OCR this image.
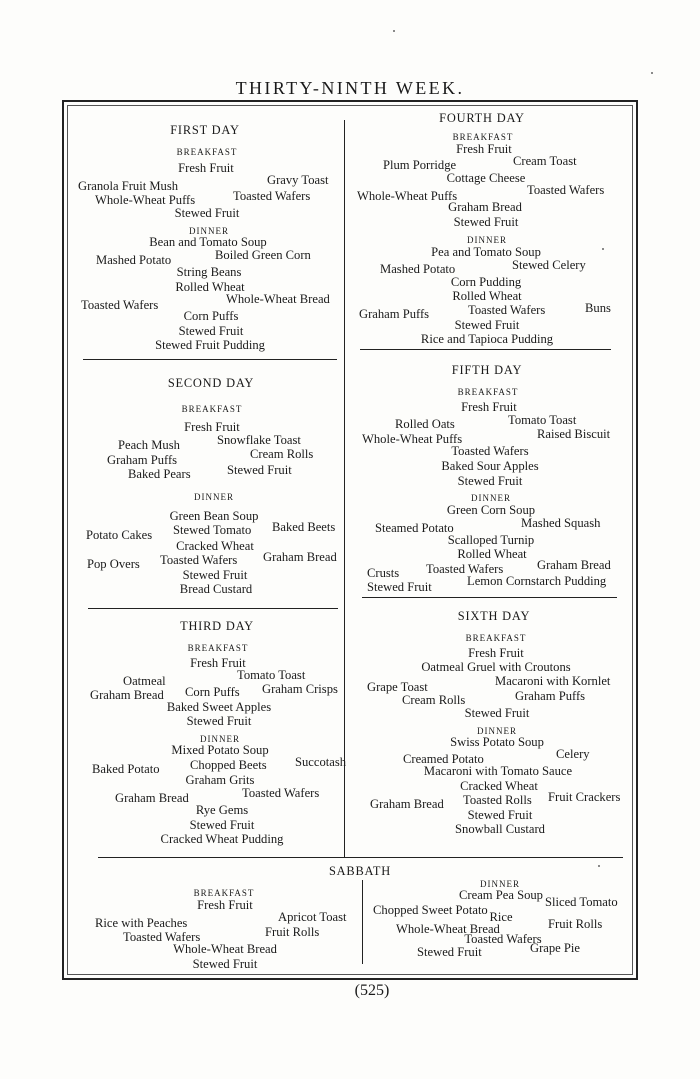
THIRTY-NINTH WEEK.
FIRST DAY
BREAKFAST
Fresh Fruit
Gravy Toast
Granola Fruit Mush
Whole-Wheat Puffs	Toasted Wafers
Stewed Fruit
DINNER
Bean and Tomato Soup
Mashed Potato	Boiled Green Corn
String Beans
Rolled Wheat
Toasted Wafers	Whole-Wheat Bread
Corn Puffs
Stewed Fruit
Stewed Fruit Pudding
SECOND DAY
BREAKFAST
Fresh Fruit
Peach Mush	Snowflake Toast
Graham Puffs	Cream Rolls
Baked Pears	Stewed Fruit
DINNER
Green Bean Soup
Potato Cakes Stewed Tomato Baked Beets
Cracked Wheat
Pop Overs Toasted Wafers Graham Bread
Stewed Fruit
Bread Custard
THIRD DAY
BREAKFAST
Fresh Fruit
Oatmeal	Tomato Toast
Graham Bread Corn Puffs Graham Crisps
Baked Sweet Apples
Stewed Fruit
DINNER
Mixed Potato Soup
Baked Potato Chopped Beets Succotash
Graham Grits
Graham Bread	Toasted Wafers
Rye Gems
Stewed Fruit
Cracked Wheat Pudding
FOURTH DAY
BREAKFAST
Fresh Fruit
Plum Porridge	Cream Toast
Cottage Cheese
Whole-Wheat Puffs	Toasted Wafers
Graham Bread
Stewed Fruit
DINNER
Pea and Tomato Soup
Mashed Potato	Stewed Celery
Corn Pudding
Rolled Wheat
Graham Puffs	Toasted Wafers	Buns
Stewed Fruit
Rice and Tapioca Pudding
FIFTH DAY
BREAKFAST
Fresh Fruit
Rolled Oats	Tomato Toast
Whole-Wheat Puffs	Raised Biscuit
Toasted Wafers
Baked Sour Apples
Stewed Fruit
DINNER
Green Corn Soup
Steamed Potato	Mashed Squash
Scalloped Turnip
Rolled Wheat
Crusts Toasted Wafers	Graham Bread
Stewed Fruit	Lemon Cornstarch Pudding
SIXTH DAY
BREAKFAST
Fresh Fruit
Oatmeal Gruel with Croutons
Grape Toast	Macaroni with Kornlet
Cream Rolls	Graham Puffs
Stewed Fruit
DINNER
Swiss Potato Soup
Creamed Potato	Celery
Macaroni with Tomato Sauce
Cracked Wheat
Graham Bread Toasted Rolls Fruit Crackers
Stewed Fruit
Snowball Custard
SABBATH
BREAKFAST
Fresh Fruit
Rice with Peaches	Apricot Toast
Toasted Wafers	Fruit Rolls
Whole-Wheat Bread
Stewed Fruit
DINNER
Cream Pea Soup
Chopped Sweet Potato
Sliced Tomato
Rice
Whole-Wheat Bread	Fruit Rolls
Toasted Wafers
Stewed Fruit	Grape Pie
(525)
